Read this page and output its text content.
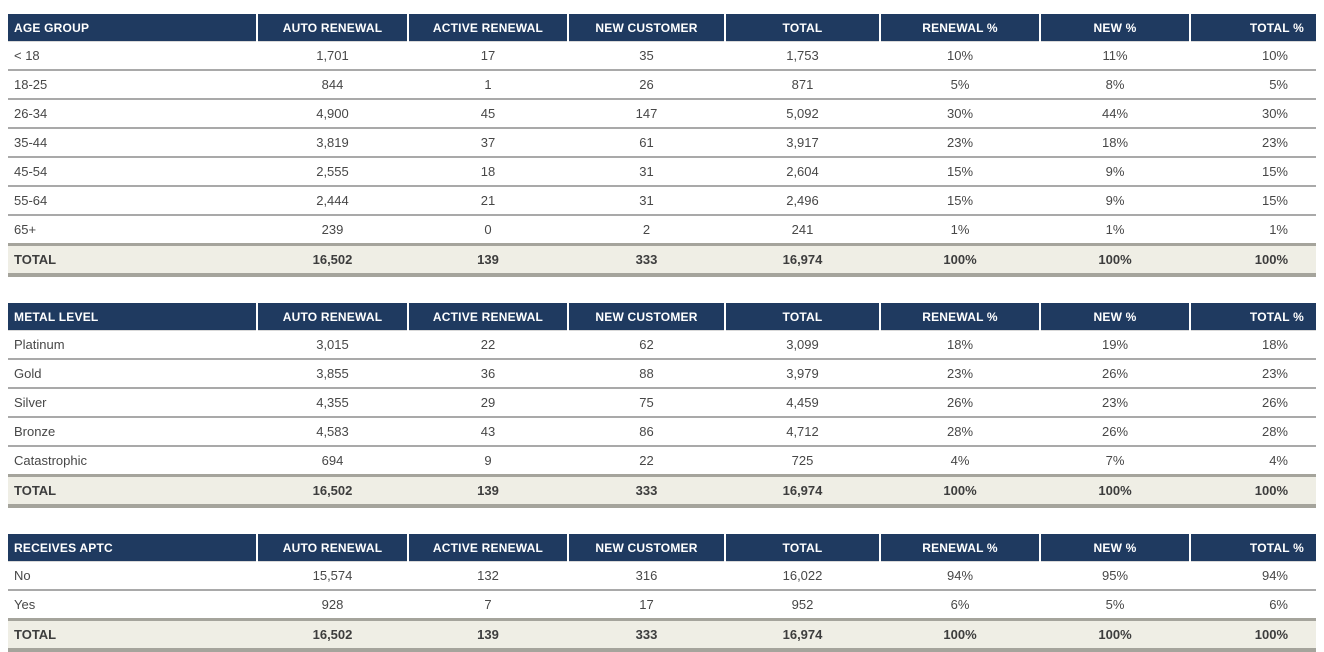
AGE GROUP	AUTO RENEWAL	ACTIVE RENEWAL	NEW CUSTOMER	TOTAL	RENEWAL %	NEW %	TOTAL %
< 18	1,701	17	35	1,753	10%	11%	10%
18-25	844	1	26	871	5%	8%	5%
26-34	4,900	45	147	5,092	30%	44%	30%
35-44	3,819	37	61	3,917	23%	18%	23%
45-54	2,555	18	31	2,604	15%	9%	15%
55-64	2,444	21	31	2,496	15%	9%	15%
65+	239	0	2	241	1%	1%	1%
TOTAL	16,502	139	333	16,974	100%	100%	100%
METAL LEVEL	AUTO RENEWAL	ACTIVE RENEWAL	NEW CUSTOMER	TOTAL	RENEWAL %	NEW %	TOTAL %
Platinum	3,015	22	62	3,099	18%	19%	18%
Gold	3,855	36	88	3,979	23%	26%	23%
Silver	4,355	29	75	4,459	26%	23%	26%
Bronze	4,583	43	86	4,712	28%	26%	28%
Catastrophic	694	9	22	725	4%	7%	4%
TOTAL	16,502	139	333	16,974	100%	100%	100%
RECEIVES APTC	AUTO RENEWAL	ACTIVE RENEWAL	NEW CUSTOMER	TOTAL	RENEWAL %	NEW %	TOTAL %
No	15,574	132	316	16,022	94%	95%	94%
Yes	928	7	17	952	6%	5%	6%
TOTAL	16,502	139	333	16,974	100%	100%	100%
